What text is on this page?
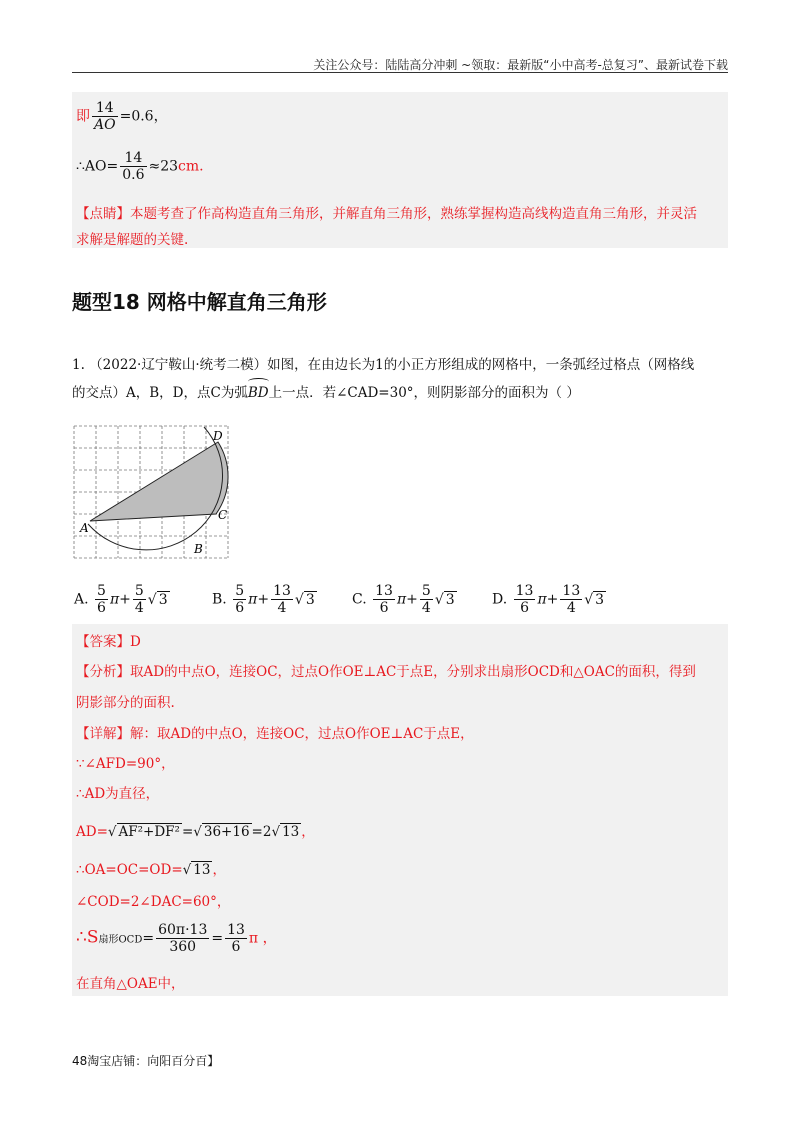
关注公众号：陆陆高分冲刺 ~领取：最新版“小中高考-总复习”、最新试卷下载
即 $\frac{14}{AO} =0.6$，
∴AO= $\frac{14}{0.6} \approx 23cm$.
【点睛】本题考查了作高构造直角三角形，并解直角三角形，熟练掌握构造高线构造直角三角形，并灵活
求解是解题的关键.
题型18 网格中解直角三角形
1. （2022·辽宁鞍山·统考二模）如图，在由边长为1的小正方形组成的网格中，一条弧经过格点（网格线
的交点）A，B，D，点C为弧
BD上一点．若∠CAD=30°，则阴影部分的面积为（ ）
D
C
A
B
A. $\frac{5}{6} \pi+ \frac{5}{4}$ √ 3	B. $\frac{5}{6} \pi+ \frac{13}{4}$ √ 3	C. $\frac{13}{6} \pi+ \frac{5}{4}$ √ 3	D. $\frac{13}{6} \pi+ \frac{13}{4}$ √ 3
【答案】D
【分析】取AD的中点O，连接OC，过点O作OE⊥AC于点E，分别求出扇形OCD和△OAC的面积，得到
阴影部分的面积.
【详解】解：取AD的中点O，连接OC，过点O作OE⊥AC于点E，
∵∠AFD=90°，
∴AD为直径，
AD=√ AF²+DF² =√ 36+16 =2√ 13 ，
∴OA=OC=OD=√ 13 ，
∠COD=2∠DAC=60°，
∴S扇形$OCD= \frac{60\pi\cdot 13}{360} = \frac{13}{6}$ π ，
在直角△OAE中，
48淘宝店铺：向阳百分百】
